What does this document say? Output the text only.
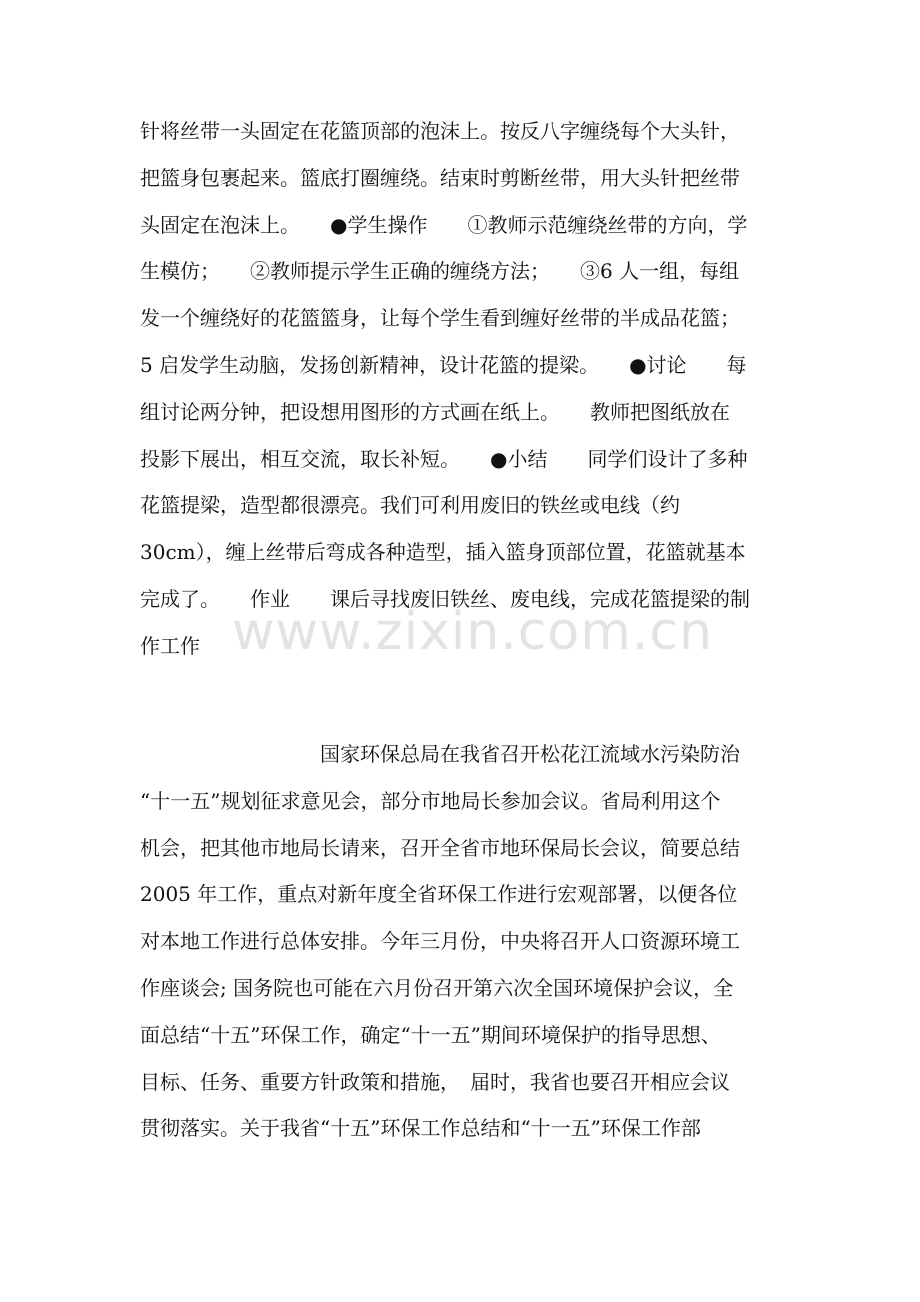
www.zixin.com.cn
针将丝带一头固定在花篮顶部的泡沫上。按反八字缠绕每个大头针，
把篮身包裹起来。篮底打圈缠绕。结束时剪断丝带，用大头针把丝带
头固定在泡沫上。　　●学生操作　　①教师示范缠绕丝带的方向，学
生模仿；　　②教师提示学生正确的缠绕方法；　　③6 人一组，每组
发一个缠绕好的花篮篮身，让每个学生看到缠好丝带的半成品花篮；
5 启发学生动脑，发扬创新精神，设计花篮的提梁。　　●讨论　　每
组讨论两分钟，把设想用图形的方式画在纸上。　　教师把图纸放在
投影下展出，相互交流，取长补短。　　●小结　　同学们设计了多种
花篮提梁，造型都很漂亮。我们可利用废旧的铁丝或电线（约
30cm），缠上丝带后弯成各种造型，插入篮身顶部位置，花篮就基本
完成了。　　作业　　课后寻找废旧铁丝、废电线，完成花篮提梁的制
作工作
　　　　　　　　　国家环保总局在我省召开松花江流域水污染防治
“十一五”规划征求意见会，部分市地局长参加会议。省局利用这个
机会，把其他市地局长请来，召开全省市地环保局长会议，简要总结
2005 年工作，重点对新年度全省环保工作进行宏观部署，以便各位
对本地工作进行总体安排。今年三月份，中央将召开人口资源环境工
作座谈会; 国务院也可能在六月份召开第六次全国环境保护会议，全
面总结“十五”环保工作，确定“十一五”期间环境保护的指导思想、
目标、任务、重要方针政策和措施，　届时，我省也要召开相应会议
贯彻落实。关于我省“十五”环保工作总结和“十一五”环保工作部
